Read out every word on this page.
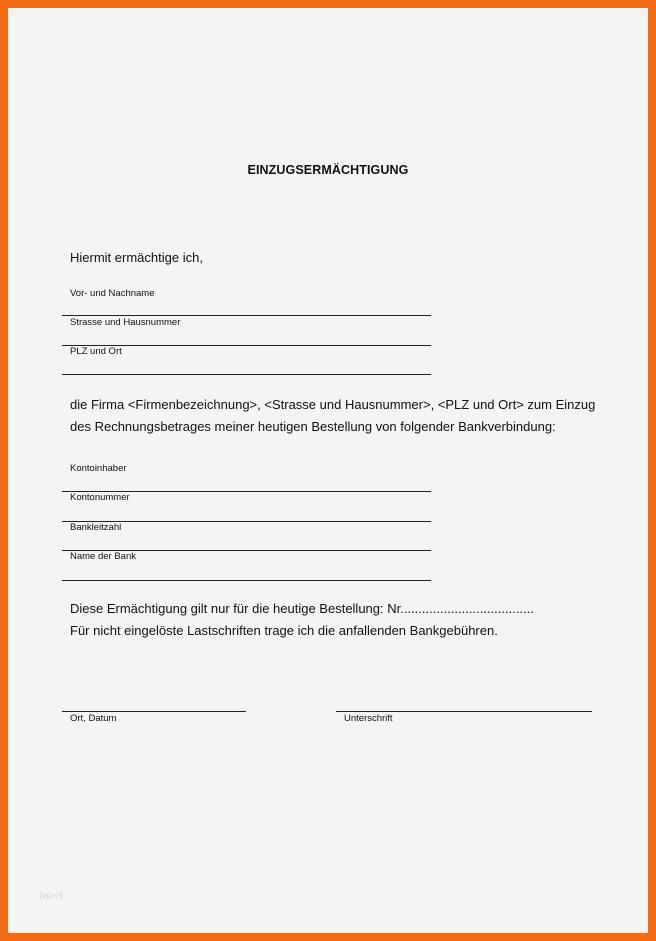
EINZUGSERMÄCHTIGUNG
Hiermit ermächtige ich,
Vor- und Nachname
Strasse und Hausnummer
PLZ und Ort
die Firma <Firmenbezeichnung>, <Strasse und Hausnummer>, <PLZ und Ort> zum Einzug
des Rechnungsbetrages meiner heutigen Bestellung von folgender Bankverbindung:
Kontoinhaber
Kontonummer
Bankleitzahl
Name der Bank
Diese Ermächtigung gilt nur für die heutige Bestellung: Nr.....................................
Für nicht eingelöste Lastschriften trage ich die anfallenden Bankgebühren.
Ort, Datum	Unterschrift
[vp>>]
